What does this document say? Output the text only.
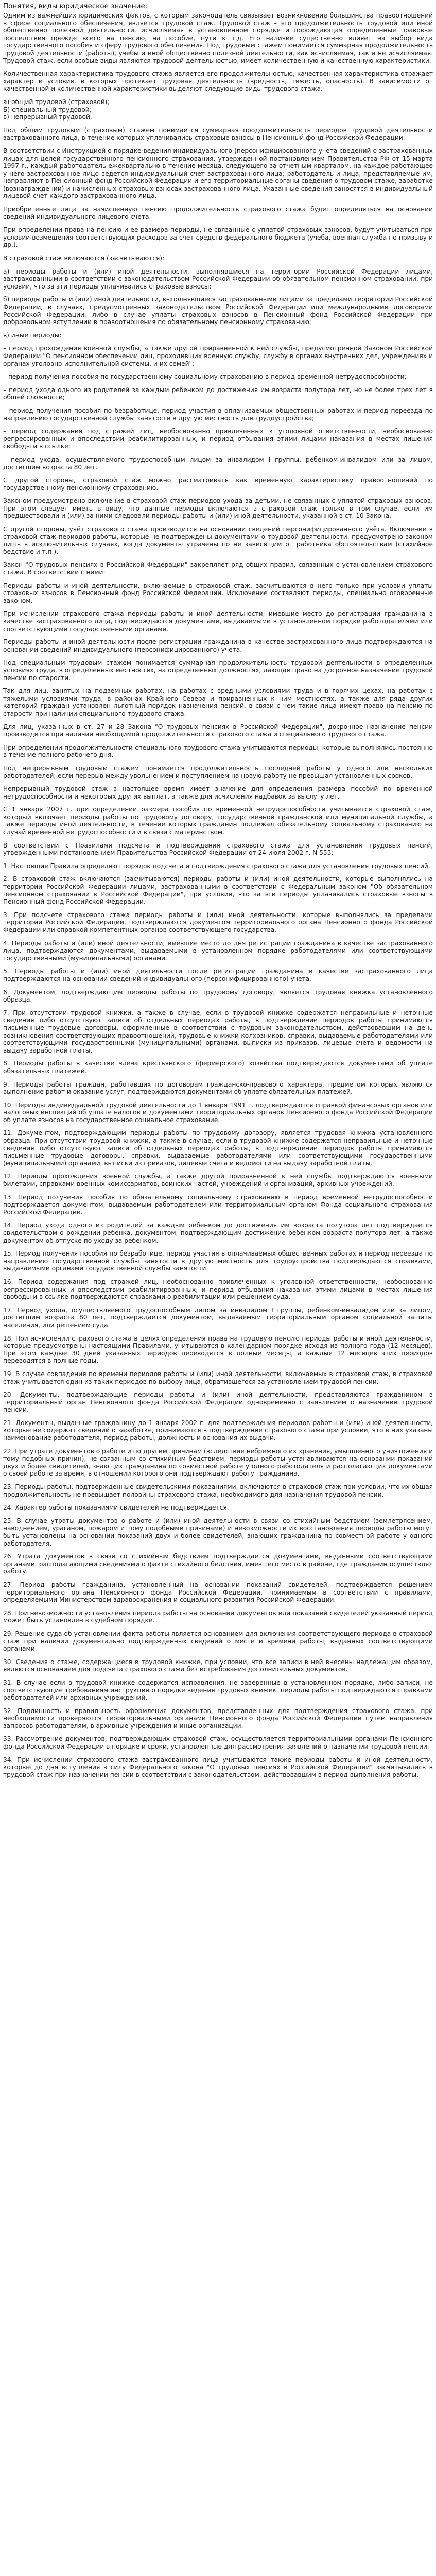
Понятия, виды юридическое значение:

Одним из важнейших юридических фактов, с которым законодатель связывает возникновение большинства правоотношений в сфере социального обеспечения, является трудовой стаж. Трудовой стаж – это продолжительность трудовой или иной общественно полезной деятельности, исчисляемая в установленном порядке и порождающая определенные правовые последствия прежде всего на пенсию, на пособие, пути к т.д. Его наличие существенно влияет на выбор вида государственного пособия и сферу трудового обеспечения. Под трудовым стажем понимается суммарная продолжительность трудовой деятельности (работы), учебы и иной общественно полезной деятельности, как исчисляемая, так и не исчисляемая. Трудовой стаж, если особые виды являются трудовой деятельностью, имеет количественную и качественную характеристики.

Количественная характеристика трудового стажа является его продолжительностью, качественная характеристика отражает характер и условия, в которых протекает трудовая деятельность (вредность, тяжесть, опасность). В зависимости от качественной и количественной характеристики выделяют следующие виды трудового стажа:

а) общий трудовой (страховой);
Б) специальный трудовой;
в) непрерывный трудовой.

Под общим трудовым (страховым) стажем понимается суммарная продолжительность периодов трудовой деятельности застрахованного лица, в течение которых уплачивались страховые взносы в Пенсионный фонд Российской Федерации.

В соответствии с Инструкцией о порядке ведения индивидуального (персонифицированного учета сведений о застрахованных лицах для целей государственного пенсионного страхования, утвержденной постановлением Правительства РФ от 15 марта 1997 г., каждый работодатель ежеквартально в течение месяца, следующего за отчетным кварталом, на каждое работающее у него застрахованное лицо ведется индивидуальный счет застрахованного лица; работодатель и лица, представляемые им, направляют в Пенсионный фонд Российской Федерации и его территориальные органы сведения о трудовом стаже, заработке (вознаграждении) и начисленных страховых взносах застрахованного лица. Указанные сведения заносятся в индивидуальный лицевой счет каждого застрахованного лица.

Приобретенные лица за начисленную пенсию продолжительность страхового стажа будет определяться на основании сведений индивидуального лицевого счета.

При определении права на пенсию и ее размера периоды, не связанные с уплатой страховых взносов, будут учитываться при условии возмещения соответствующих расходов за счет средств федерального бюджета (учеба, военная служба по призыву и др.).

В страховой стаж включаются (засчитываются):

а) периоды работы и (или) иной деятельности, выполнявшиеся на территории Российской Федерации лицами, застрахованными в соответствии с законодательством Российской Федерации об обязательном пенсионном страховании, при условии, что за эти периоды уплачивались страховые взносы;

б) периоды работы и (или) иной деятельности, выполнявшиеся застрахованными лицами за пределами территории Российской Федерации, в случаях, предусмотренных законодательством Российской Федерации или международными договорами Российской Федерации, либо в случае уплаты страховых взносов в Пенсионный фонд Российской Федерации при добровольном вступлении в правоотношения по обязательному пенсионному страхованию;

в) иные периоды:

– период прохождения военной службы, а также другой приравненной к ней службы, предусмотренной Законом Российской Федерации "О пенсионном обеспечении лиц, проходивших военную службу, службу в органах внутренних дел, учреждениях и органах уголовно-исполнительной системы, и их семей";

– период получения пособия по государственному социальному страхованию в период временной нетрудоспособности;

– период ухода одного из родителей за каждым ребенком до достижения им возраста полутора лет, но не более трех лет в общей сложности;

– период получения пособия по безработице, период участия в оплачиваемых общественных работах и период переезда по направлению государственной службы занятости в другую местность для трудоустройства;

– период содержания под стражей лиц, необоснованно привлеченных к уголовной ответственности, необоснованно репрессированных и впоследствии реабилитированных, и период отбывания этими лицами наказания в местах лишения свободы и в ссылке;

– период ухода, осуществляемого трудоспособным лицом за инвалидом I группы, ребенком-инвалидом или за лицом, достигшим возраста 80 лет.

С другой стороны, страховой стаж можно рассматривать как временную характеристику правоотношений по государственному пенсионному страхованию.

Законом предусмотрено включение в страховой стаж периодов ухода за детьми, не связанных с уплатой страховых взносов. При этом следует иметь в виду, что данные периоды включаются в страховой стаж только в том случае, если им предшествовали и (или) за ними следовали периоды работы и (или) иной деятельности, указанной в ст. 10 Закона.

С другой стороны, учёт страхового стажа производится на основании сведений персонифицированного учёта. Включение в страховой стаж периодов работы, которые не подтверждены документами о трудовой деятельности, предусмотрено законом лишь в исключительных случаях, когда документы утрачены по не зависящим от работника обстоятельствам (стихийное бедствие и т.п.).

Закон "О трудовых пенсиях в Российской Федерации" закрепляет ряд общих правил, связанных с установлением страхового стажа. В соответствии с ними:

Периоды работы и иной деятельности, включаемые в страховой стаж, засчитываются в него только при условии уплаты страховых взносов в Пенсионный фонд Российской Федерации. Исключение составляют периоды, специально оговоренные законом.

При исчислении страхового стажа периоды работы и иной деятельности, имевшие место до регистрации гражданина в качестве застрахованного лица, подтверждаются документами, выдаваемыми в установленном порядке работодателями или соответствующими государственными органами.

Периоды работы и иной деятельности после регистрации гражданина в качестве застрахованного лица подтверждаются на основании сведений индивидуального (персонифицированного) учета.

Под специальным трудовым стажем понимается суммарная продолжительность трудовой деятельности в определенных условиях труда, в определенных местностях, на определенных должностях, дающая право на досрочное назначение трудовой пенсии по старости.

Так для лиц, занятых на подземных работах, на работах с вредными условиями труда и в горячих цехах, на работах с тяжелыми условиями труда, в районах Крайнего Севера и приравненных к ним местностях, а также для ряда других категорий граждан установлен льготный порядок назначения пенсий, в связи с чем такие лица имеют право на пенсию по старости при наличии специального трудового стажа.

Для лиц, указанных в ст. 27 и 28 Закона "О трудовых пенсиях в Российской Федерации", досрочное назначение пенсии производится при наличии необходимой продолжительности страхового стажа и специального трудового стажа.

При определении продолжительности специального трудового стажа учитываются периоды, которые выполнялись постоянно в течение полного рабочего дня.

Под непрерывным трудовым стажем понимается продолжительность последней работы у одного или нескольких работодателей, если перерыв между увольнением и поступлением на новую работу не превышал установленных сроков.

Непрерывный трудовой стаж в настоящее время имеет значение для определения размера пособий по временной нетрудоспособности и некоторых других выплат, а также для исчисления надбавок за выслугу лет.

С 1 января 2007 г. при определении размера пособия по временной нетрудоспособности учитывается страховой стаж, который включает периоды работы по трудовому договору, государственной гражданской или муниципальной службы, а также периоды иной деятельности, в течение которых гражданин подлежал обязательному социальному страхованию на случай временной нетрудоспособности и в связи с материнством.

В соответствии с Правилами подсчета и подтверждения страхового стажа для установления трудовых пенсий, утвержденными постановлением Правительства Российской Федерации от 24 июля 2002 г. N 555:

1. Настоящие Правила определяют порядок подсчета и подтверждения страхового стажа для установления трудовых пенсий.

2. В страховой стаж включаются (засчитываются) периоды работы и (или) иной деятельности, которые выполнялись на территории Российской Федерации лицами, застрахованными в соответствии с Федеральным законом "Об обязательном пенсионном страховании в Российской Федерации", при условии, что за эти периоды уплачивались страховые взносы в Пенсионный фонд Российской Федерации.

3. При подсчете страхового стажа периоды работы и (или) иной деятельности, которые выполнялись за пределами территории Российской Федерации, подтверждаются документом территориального органа Пенсионного фонда Российской Федерации или справкой компетентных органов соответствующего государства.

4. Периоды работы и (или) иной деятельности, имевшие место до дня регистрации гражданина в качестве застрахованного лица, подтверждаются документами, выдаваемыми в установленном порядке работодателями или соответствующими государственными (муниципальными) органами.

5. Периоды работы и (или) иной деятельности после регистрации гражданина в качестве застрахованного лица подтверждаются на основании сведений индивидуального (персонифицированного) учета.

6. Документом, подтверждающим периоды работы по трудовому договору, является трудовая книжка установленного образца.

7. При отсутствии трудовой книжки, а также в случае, если в трудовой книжке содержатся неправильные и неточные сведения либо отсутствуют записи об отдельных периодах работы, в подтверждение периодов работы принимаются письменные трудовые договоры, оформленные в соответствии с трудовым законодательством, действовавшим на день возникновения соответствующих правоотношений, трудовые книжки колхозников, справки, выдаваемые работодателями или соответствующими государственными (муниципальными) органами, выписки из приказов, лицевые счета и ведомости на выдачу заработной платы.

8. Периоды работы в качестве члена крестьянского (фермерского) хозяйства подтверждаются документами об уплате обязательных платежей.

9. Периоды работы граждан, работавших по договорам гражданско-правового характера, предметом которых являются выполнение работ и оказание услуг, подтверждаются документами об уплате обязательных платежей.

10. Периоды индивидуальной трудовой деятельности до 1 января 1991 г. подтверждаются справкой финансовых органов или налоговых инспекций об уплате налогов и документами территориальных органов Пенсионного фонда Российской Федерации об уплате взносов на государственное социальное страхование.

11. Документом, подтверждающим периоды работы по трудовому договору, является трудовая книжка установленного образца. При отсутствии трудовой книжки, а также в случае, если в трудовой книжке содержатся неправильные и неточные сведения либо отсутствуют записи об отдельных периодах работы, в подтверждение периодов работы принимаются письменные трудовые договоры, справки, выдаваемые работодателями или соответствующими государственными (муниципальными) органами, выписки из приказов, лицевые счета и ведомости на выдачу заработной платы.

12. Периоды прохождения военной службы, а также другой приравненной к ней службы подтверждаются военными билетами, справками военных комиссариатов, воинских частей, учреждений и организаций, архивных учреждений.

13. Период получения пособия по обязательному социальному страхованию в период временной нетрудоспособности подтверждается документом, выдаваемым работодателем или территориальным органом Фонда социального страхования Российской Федерации.

14. Период ухода одного из родителей за каждым ребенком до достижения им возраста полутора лет подтверждается свидетельством о рождении ребенка, документом, подтверждающим достижение ребенком возраста полутора лет, а также документом об отпуске по уходу за ребенком.

15. Период получения пособия по безработице, период участия в оплачиваемых общественных работах и период переезда по направлению государственной службы занятости в другую местность для трудоустройства подтверждаются справками, выдаваемыми органами государственной службы занятости.

16. Период содержания под стражей лиц, необоснованно привлеченных к уголовной ответственности, необоснованно репрессированных и впоследствии реабилитированных, и период отбывания наказания этими лицами в местах лишения свободы и в ссылке подтверждаются справками о реабилитации или решением суда.

17. Период ухода, осуществляемого трудоспособным лицом за инвалидом I группы, ребенком-инвалидом или за лицом, достигшим возраста 80 лет, подтверждается документом, выдаваемым территориальным органом социальной защиты населения, или решением суда.

18. При исчислении страхового стажа в целях определения права на трудовую пенсию периоды работы и иной деятельности, которые предусмотрены настоящими Правилами, учитываются в календарном порядке исходя из полного года (12 месяцев). При этом каждые 30 дней указанных периодов переводятся в полные месяцы, а каждые 12 месяцев этих периодов переводятся в полные годы.

19. В случае совпадения по времени периодов работы и (или) иной деятельности, включаемых в страховой стаж, в страховой стаж учитывается один из таких периодов по выбору лица, обратившегося за установлением трудовой пенсии.

20. Документы, подтверждающие периоды работы и (или) иной деятельности, представляются гражданином в территориальный орган Пенсионного фонда Российской Федерации одновременно с заявлением о назначении трудовой пенсии.

21. Документы, выданные гражданину до 1 января 2002 г. для подтверждения периодов работы и (или) иной деятельности, которые не содержат сведений о заработке, принимаются в подтверждение страхового стажа при условии, что в них указаны наименование работодателя, период работы, должность и основания их выдачи.

22. При утрате документов о работе и по другим причинам (вследствие небрежного их хранения, умышленного уничтожения и тому подобных причин), не связанным со стихийным бедствием, периоды работы устанавливаются на основании показаний двух и более свидетелей, знающих гражданина по совместной работе у одного работодателя и располагающих документами о своей работе за время, в отношении которого они подтверждают работу гражданина.

23. Периоды работы, подтвержденные свидетельскими показаниями, включаются в страховой стаж при условии, что их общая продолжительность не превышает половины страхового стажа, необходимого для назначения трудовой пенсии.

24. Характер работы показаниями свидетелей не подтверждается.

25. В случае утраты документов о работе и (или) иной деятельности в связи со стихийным бедствием (землетрясением, наводнением, ураганом, пожаром и тому подобными причинами) и невозможности их восстановления периоды работы могут быть установлены на основании показаний двух и более свидетелей, знающих гражданина по совместной работе у одного работодателя.

26. Утрата документов в связи со стихийным бедствием подтверждается документами, выданными соответствующими органами, располагающими сведениями о факте стихийного бедствия, имевшего место в районе, где гражданин осуществлял работу.

27. Период работы гражданина, установленный на основании показаний свидетелей, подтверждается решением территориального органа Пенсионного фонда Российской Федерации, принимаемым в соответствии с правилами, определяемыми Министерством здравоохранения и социального развития Российской Федерации.

28. При невозможности установления периода работы на основании документов или показаний свидетелей указанный период может быть установлен в судебном порядке.

29. Решение суда об установлении факта работы является основанием для включения соответствующего периода в страховой стаж при наличии документально подтвержденных сведений о месте и времени работы, выданных соответствующими органами.

30. Сведения о стаже, содержащиеся в трудовой книжке, при условии, что все записи в ней внесены надлежащим образом, являются основанием для подсчета страхового стажа без истребования дополнительных документов.

31. В случае если в трудовой книжке содержатся исправления, не заверенные в установленном порядке, либо записи, не соответствующие требованиям инструкции о порядке ведения трудовых книжек, периоды работы подтверждаются справками работодателей или архивных учреждений.

32. Подлинность и правильность оформления документов, представленных для подтверждения страхового стажа, при необходимости проверяются территориальными органами Пенсионного фонда Российской Федерации путем направления запросов работодателям, в архивные учреждения и иные организации.

33. Рассмотрение документов, подтверждающих страховой стаж, осуществляется территориальными органами Пенсионного фонда Российской Федерации в порядке и сроки, установленные для рассмотрения заявлений о назначении трудовой пенсии.

34. При исчислении страхового стажа застрахованного лица учитываются также периоды работы и иной деятельности, которые до дня вступления в силу Федерального закона "О трудовых пенсиях в Российской Федерации" засчитывались в трудовой стаж при назначении пенсии в соответствии с законодательством, действовавшим в период выполнения работы.
